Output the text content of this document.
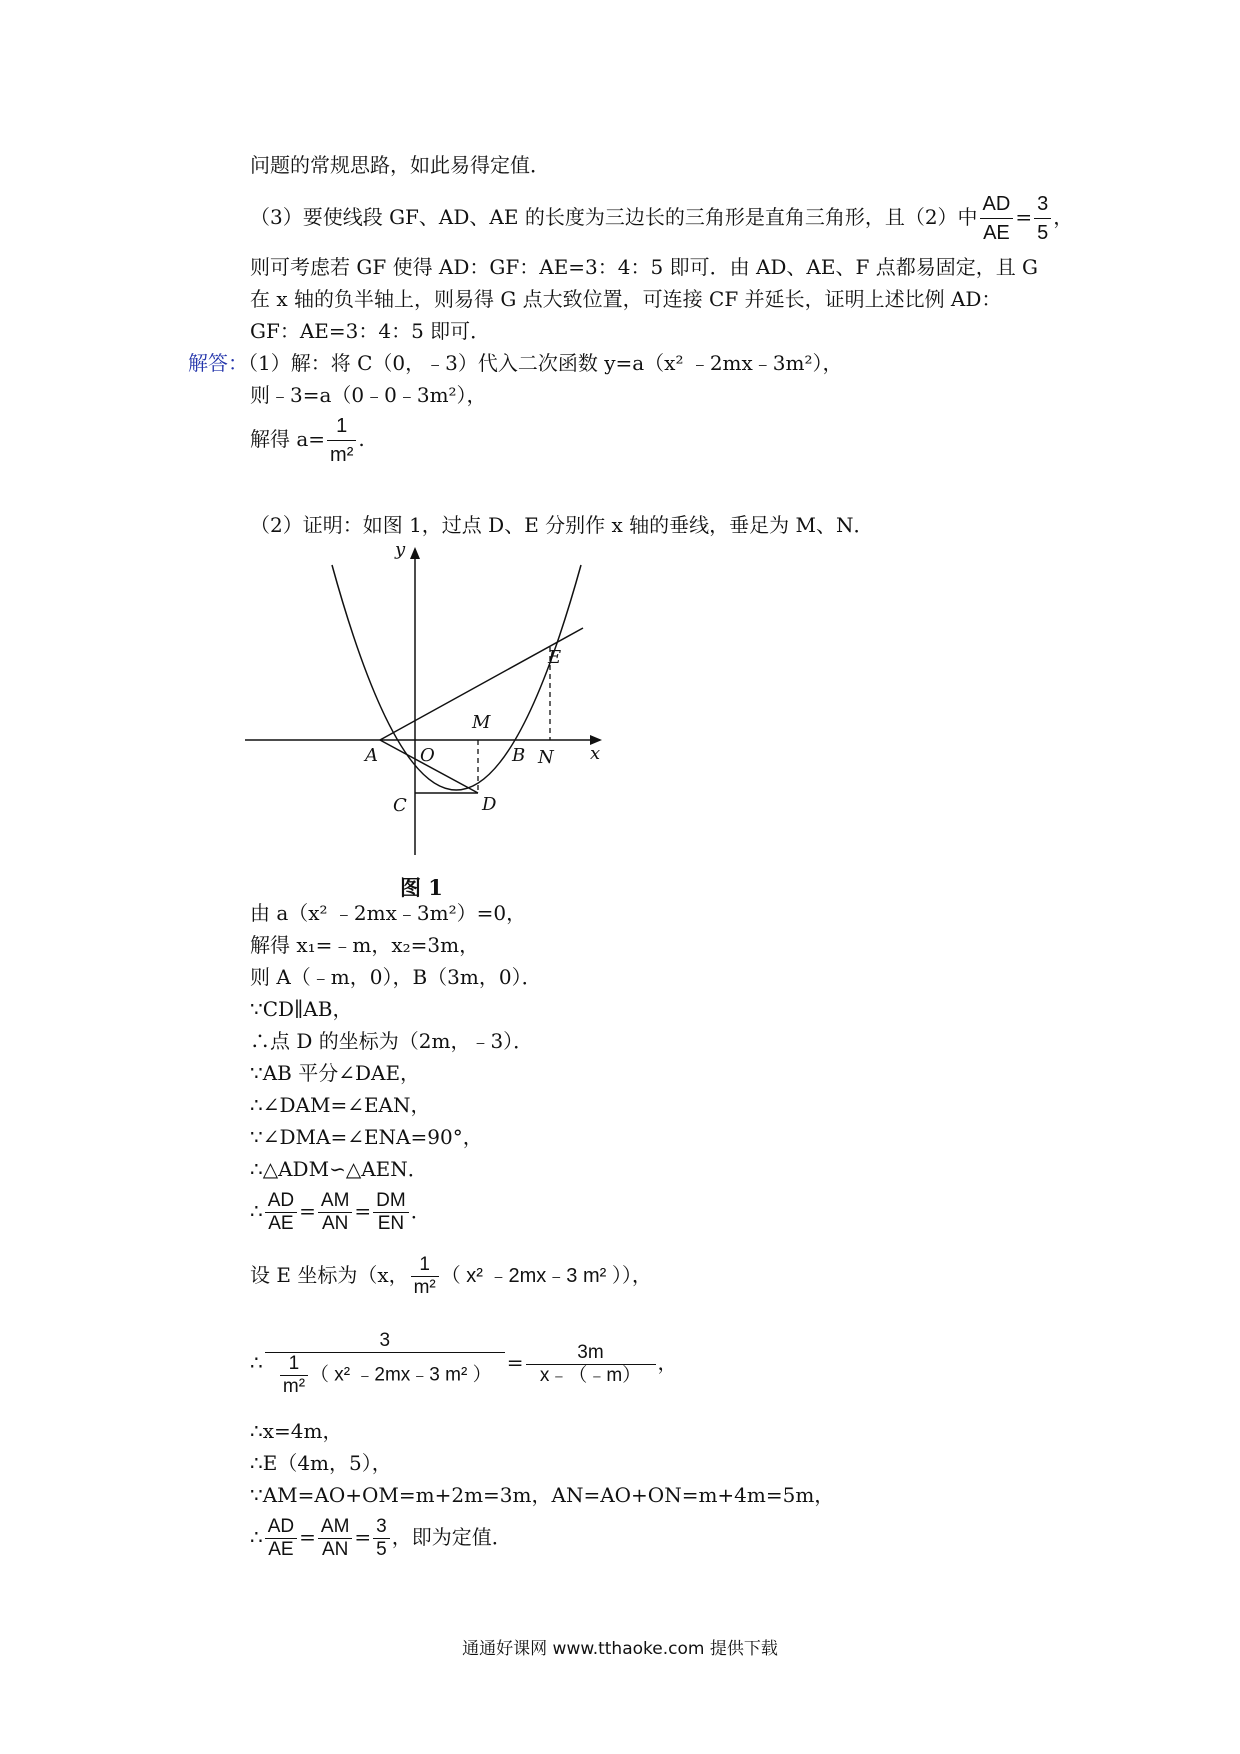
问题的常规思路，如此易得定值．
（3）要使线段 GF、AD、AE 的长度为三边长的三角形是直角三角形，且（2）中 $\frac{AD}{AE} = \frac{3}{5}$ ，
则可考虑若 GF 使得 AD：GF：AE=3：4：5 即可．由 AD、AE、F 点都易固定，且 G
在 x 轴的负半轴上，则易得 G 点大致位置，可连接 CF 并延长，证明上述比例 AD：
GF：AE=3：4：5 即可．
解答：（1）解：将 C（0，﹣3）代入二次函数 y=a（x² ﹣2mx﹣3m²），
则﹣3=a（0﹣0﹣3m²），
解得 $a= \frac{1}{\text{m²}}$ .
（2）证明：如图 1，过点 D、E 分别作 x 轴的垂线，垂足为 M、N．
y
x
A O	B N
M
E
C	D
图 1
由 a（x² ﹣2mx﹣3m²）=0，
解得 x₁=﹣m，x₂=3m，
则 A（﹣m，0），B（3m，0）．
∵CD∥AB，
∴点 D 的坐标为（2m，﹣3）．
∵AB 平分∠DAE，
∴∠DAM=∠EAN，
∵∠DMA=∠ENA=90°，
∴△ADM∽△AEN．
∴ $\frac{AD}{AE} = \frac{AM}{AN} = \frac{DM}{EN}$ ．
设 E 坐标为（x， $\frac{1}{\text{m²}}$ （ x² ﹣2mx﹣3 m² ）），
∴ $\frac{3}{\frac{1}{\text{m²}} ( x^2 ﹣2mx﹣3 m^2 )} = \frac{3m}{x﹣(﹣m)}$ ，
∴x=4m，
∴E（4m，5），
∵AM=AO+OM=m+2m=3m，AN=AO+ON=m+4m=5m，
∴ $\frac{AD}{AE} = \frac{AM}{AN} = \frac{3}{5}$ ，即为定值．
通通好课网 www.tthaoke.com 提供下载
